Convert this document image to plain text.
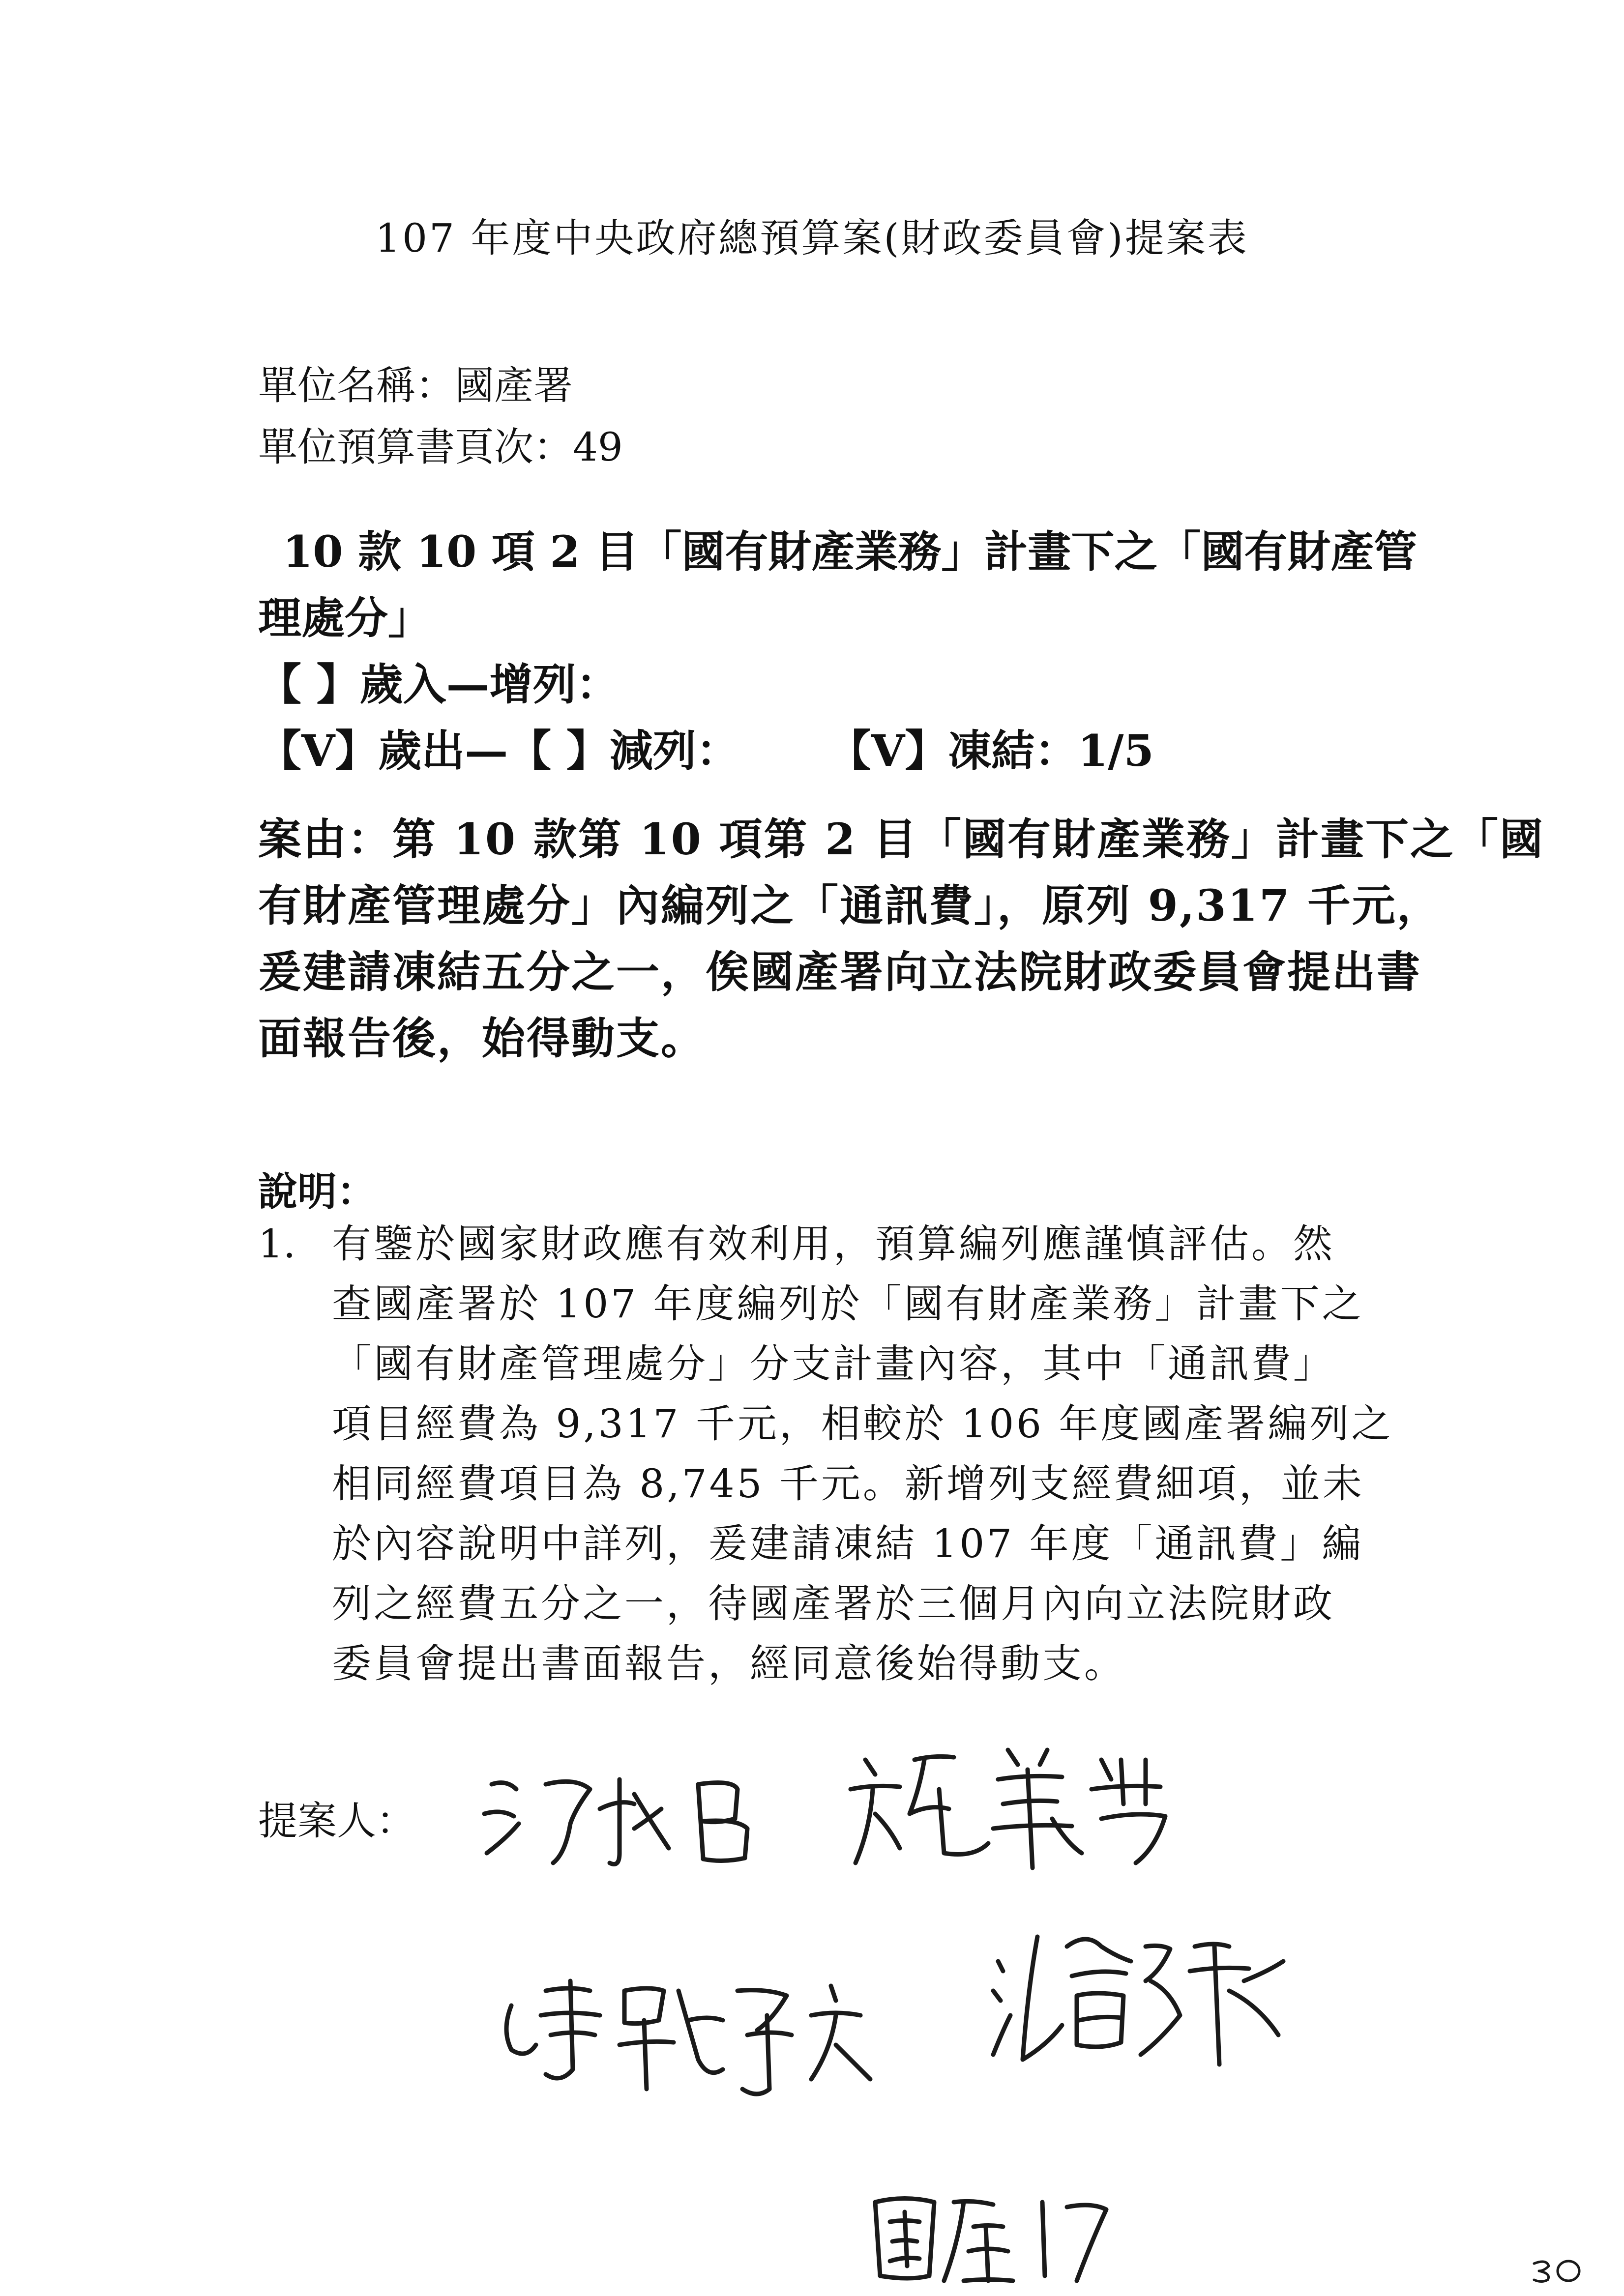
107 年度中央政府總預算案(財政委員會)提案表
單位名稱：國產署
單位預算書頁次：49

10 款 10 項 2 目「國有財產業務」計畫下之「國有財產管

理處分」

【 】歲入—增列：

【V】歲出—【 】減列： 【V】凍結：1/5

案由：第 10 款第 10 項第 2 目「國有財產業務」計畫下之「國

有財產管理處分」內編列之「通訊費」，原列 9,317 千元，

爰建請凍結五分之一，俟國產署向立法院財政委員會提出書

面報告後，始得動支。

說明：
1. 有鑒於國家財政應有效利用，預算編列應謹慎評估。然

查國產署於 107 年度編列於「國有財產業務」計畫下之

「國有財產管理處分」分支計畫內容，其中「通訊費」

項目經費為 9,317 千元，相較於 106 年度國產署編列之

相同經費項目為 8,745 千元。新增列支經費細項，並未

於內容說明中詳列，爰建請凍結 107 年度「通訊費」編

列之經費五分之一，待國產署於三個月內向立法院財政

委員會提出書面報告，經同意後始得動支。

提案人：
